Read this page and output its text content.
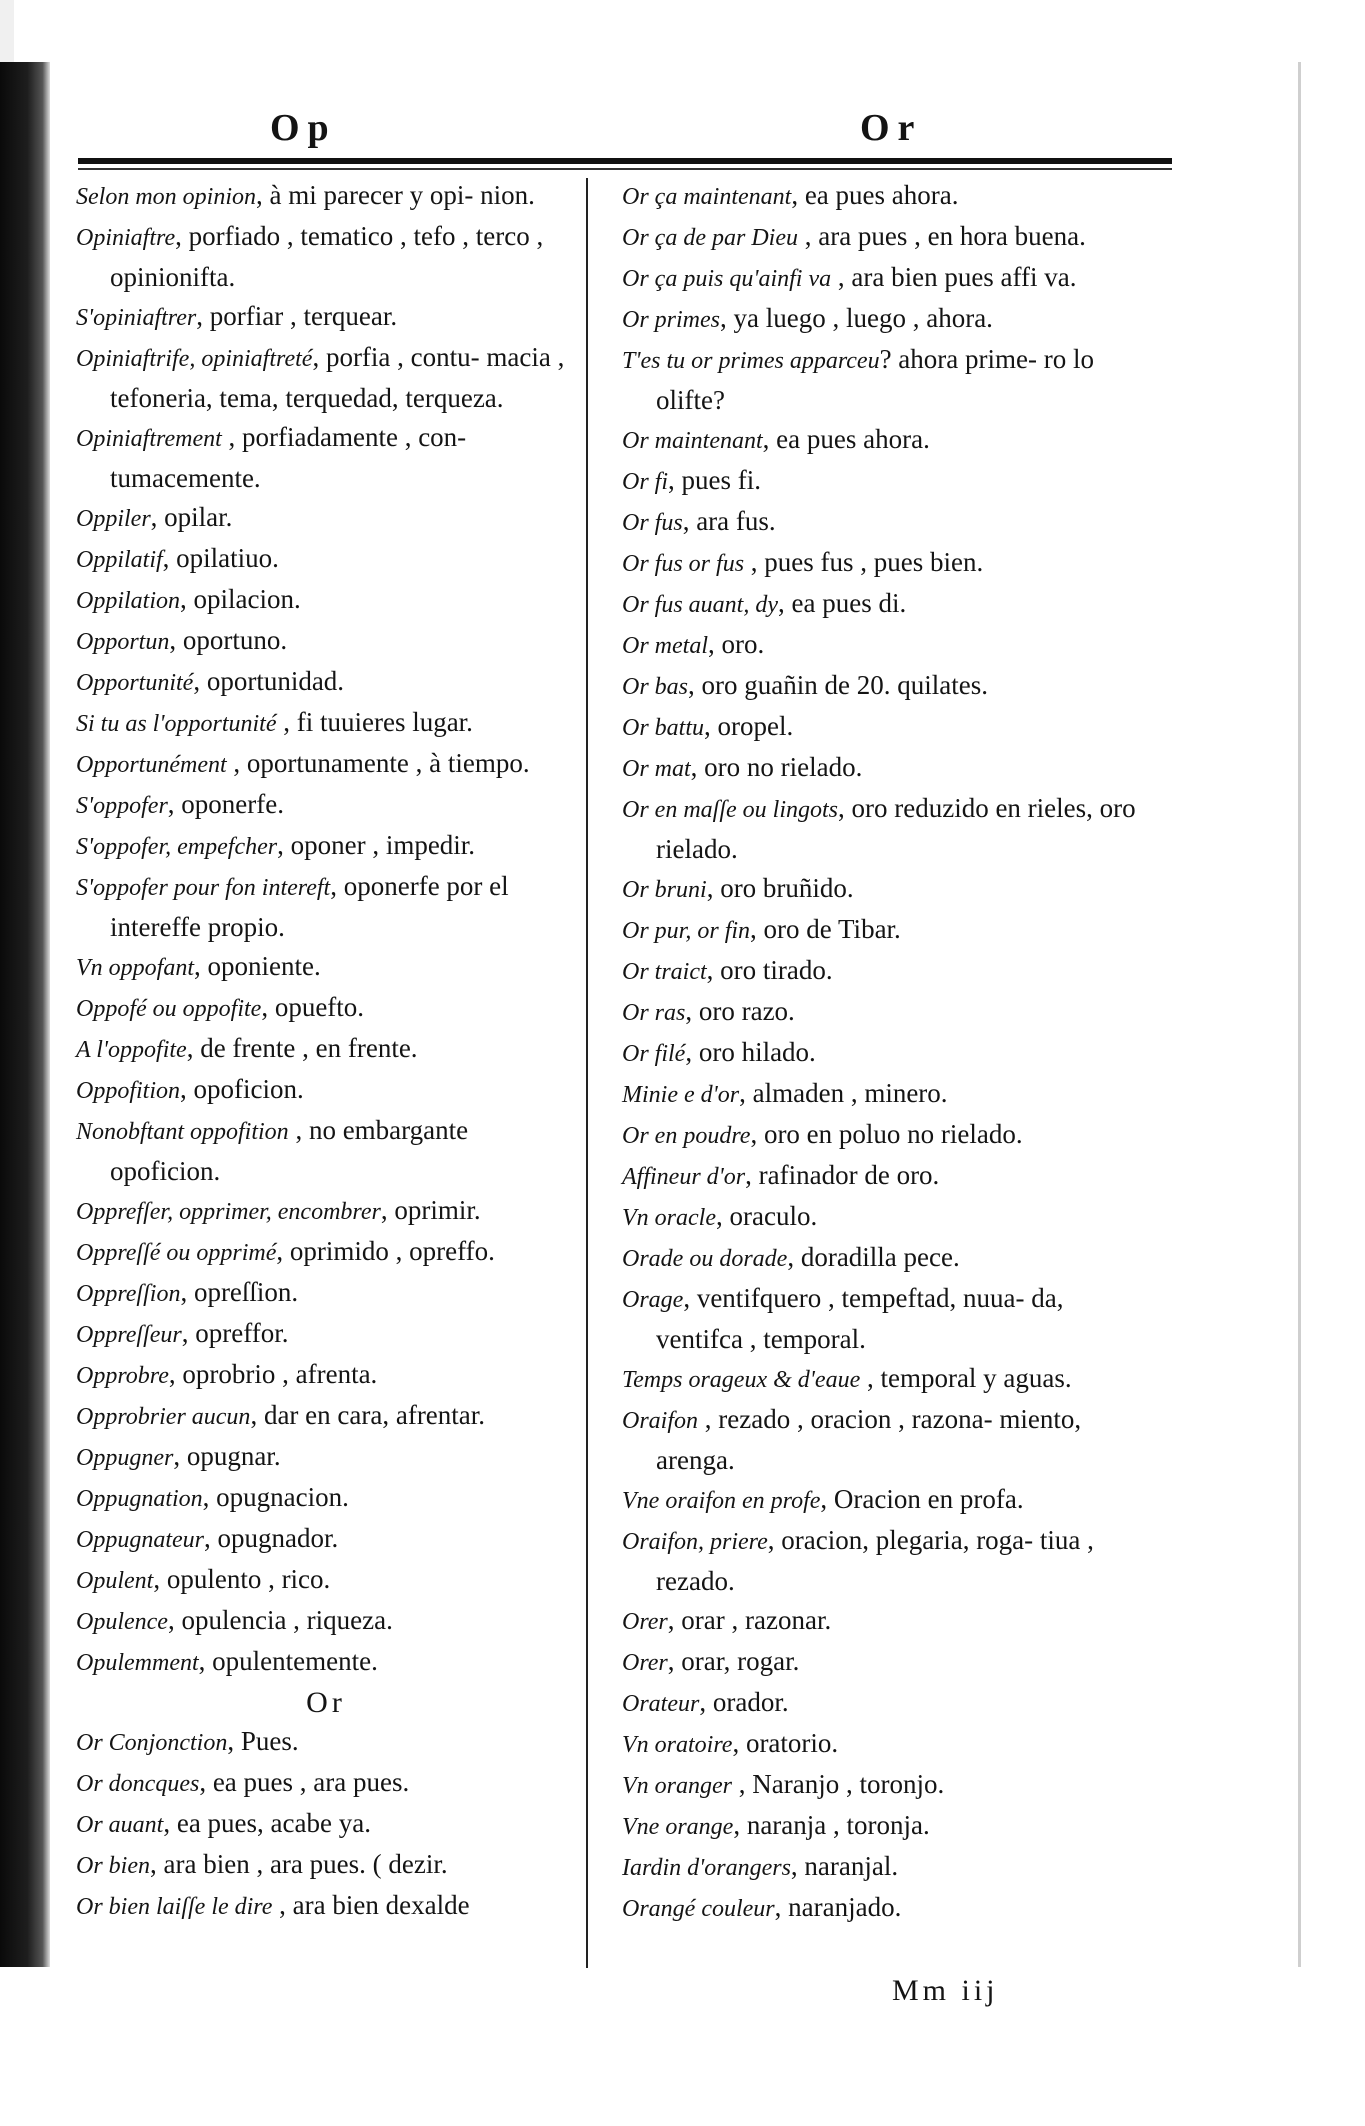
Op	Or

Selon mon opinion, à mi parecer y opi- nion.

Opiniaftre, porfiado , tematico , tefo , terco , opinionifta.

S'opiniaftrer, porfiar , terquear.

Opiniaftrife, opiniaftreté, porfia , contu- macia , tefoneria, tema, terquedad, terqueza.

Opiniaftrement , porfiadamente , con- tumacemente.

Oppiler, opilar.

Oppilatif, opilatiuo.

Oppilation, opilacion.

Opportun, oportuno.

Opportunité, oportunidad.

Si tu as l'opportunité , fi tuuieres lugar.

Opportunément , oportunamente , à tiempo.

S'oppofer, oponerfe.

S'oppofer, empefcher, oponer , impedir.

S'oppofer pour fon intereft, oponerfe por el intereffe propio.

Vn oppofant, oponiente.

Oppofé ou oppofite, opuefto.

A l'oppofite, de frente , en frente.

Oppofition, opoficion.

Nonobftant oppofition , no embargante opoficion.

Opprefſer, opprimer, encombrer, oprimir.

Oppreſſé ou opprimé, oprimido , opreffo.

Oppreſſion, opreſſion.

Oppreſſeur, opreffor.

Opprobre, oprobrio , afrenta.

Opprobrier aucun, dar en cara, afrentar.

Oppugner, opugnar.

Oppugnation, opugnacion.

Oppugnateur, opugnador.

Opulent, opulento , rico.

Opulence, opulencia , riqueza.

Opulemment, opulentemente.

Or

Or Conjonction, Pues.

Or doncques, ea pues , ara pues.

Or auant, ea pues, acabe ya.

Or bien, ara bien , ara pues. ( dezir.

Or bien laiſſe le dire , ara bien dexalde

Or ça maintenant, ea pues ahora.

Or ça de par Dieu , ara pues , en hora buena.

Or ça puis qu'ainfi va , ara bien pues affi va.

Or primes, ya luego , luego , ahora.

T'es tu or primes apparceu? ahora prime- ro lo olifte?

Or maintenant, ea pues ahora.

Or fi, pues fi.

Or fus, ara fus.

Or fus or fus , pues fus , pues bien.

Or fus auant, dy, ea pues di.

Or metal, oro.

Or bas, oro guañin de 20. quilates.

Or battu, oropel.

Or mat, oro no rielado.

Or en maſſe ou lingots, oro reduzido en rieles, oro rielado.

Or bruni, oro bruñido.

Or pur, or fin, oro de Tibar.

Or traict, oro tirado.

Or ras, oro razo.

Or filé, oro hilado.

Minie e d'or, almaden , minero.

Or en poudre, oro en poluo no rielado.

Affineur d'or, rafinador de oro.

Vn oracle, oraculo.

Orade ou dorade, doradilla pece.

Orage, ventifquero , tempeftad, nuua- da, ventifca , temporal.

Temps orageux & d'eaue , temporal y aguas.

Oraifon , rezado , oracion , razona- miento, arenga.

Vne oraifon en profe, Oracion en profa.

Oraifon, priere, oracion, plegaria, roga- tiua , rezado.

Orer, orar , razonar.

Orer, orar, rogar.

Orateur, orador.

Vn oratoire, oratorio.

Vn oranger , Naranjo , toronjo.

Vne orange, naranja , toronja.

Iardin d'orangers, naranjal.

Orangé couleur, naranjado.

Mm iij
